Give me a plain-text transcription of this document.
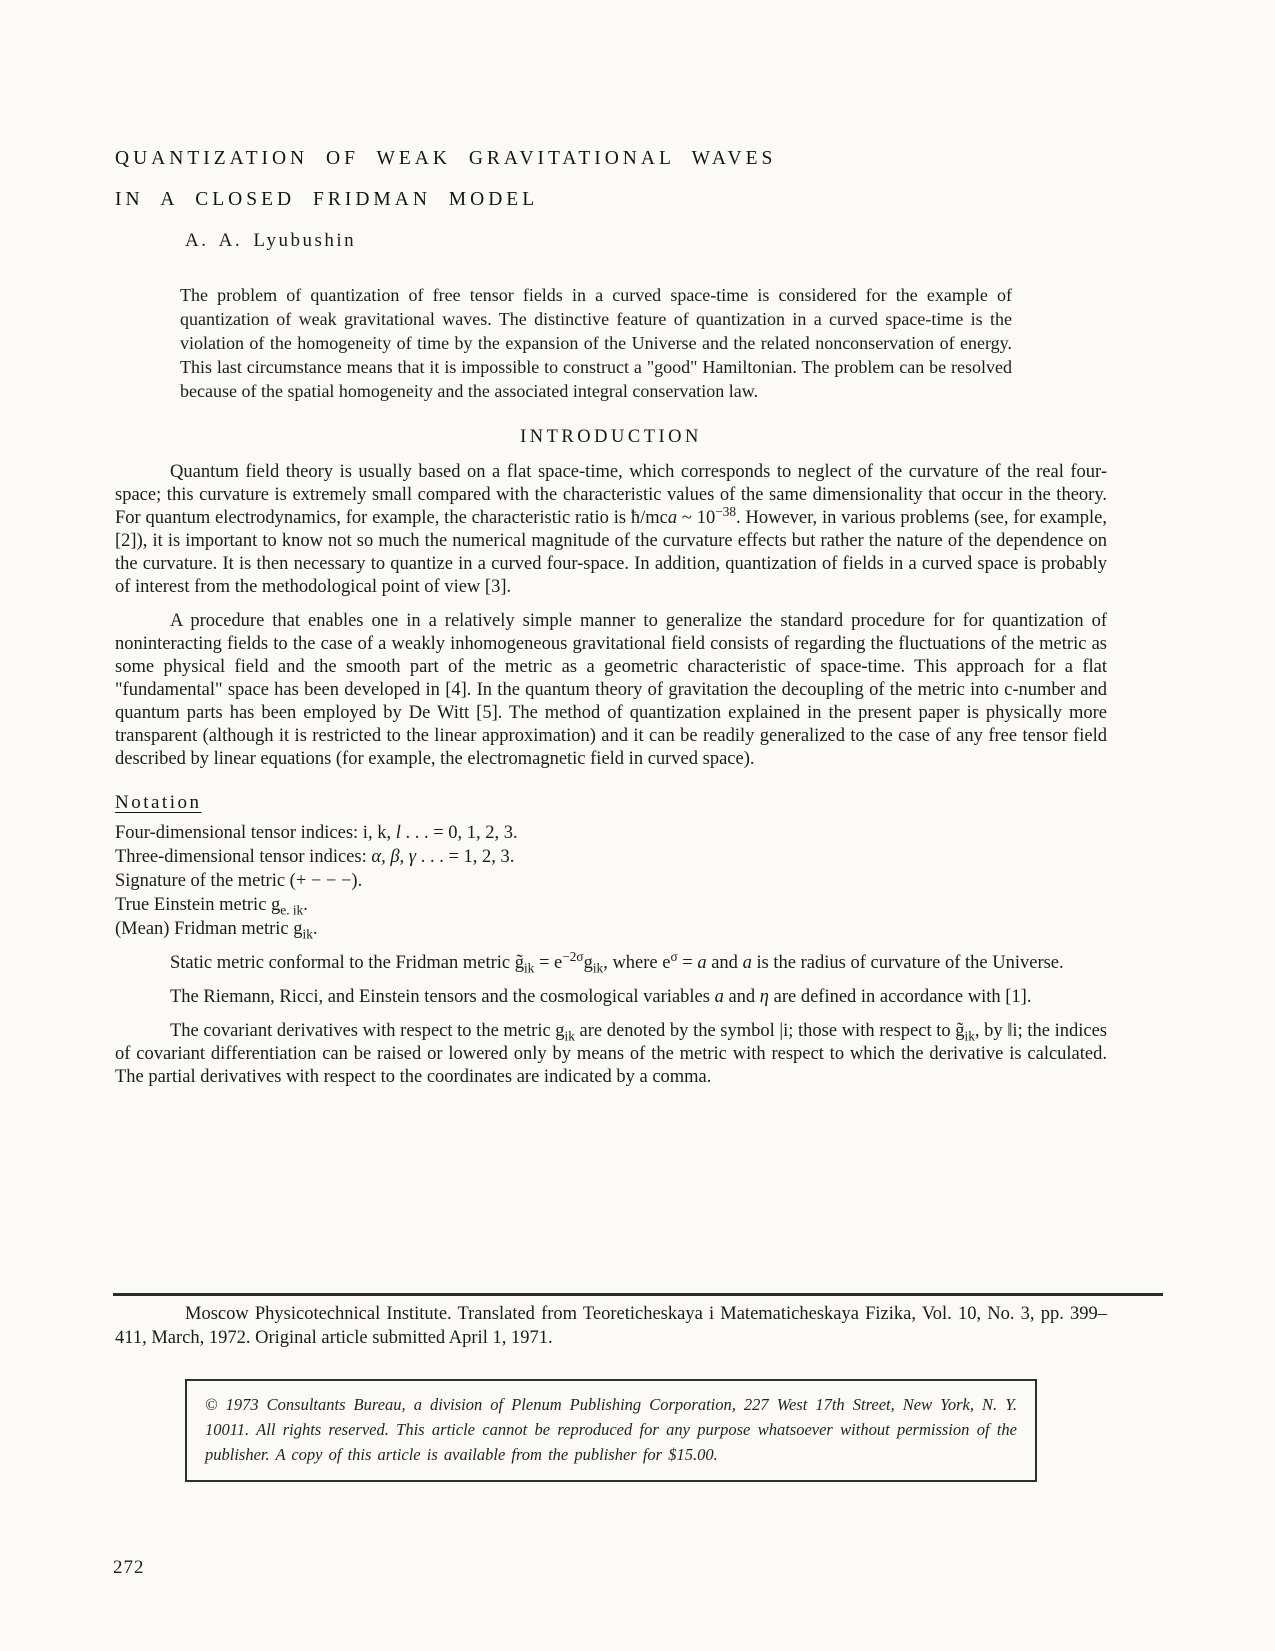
QUANTIZATION OF WEAK GRAVITATIONAL WAVES
IN A CLOSED FRIDMAN MODEL
A. A. Lyubushin

The problem of quantization of free tensor fields in a curved space-time is considered for the example of quantization of weak gravitational waves. The distinctive feature of quantization in a curved space-time is the violation of the homogeneity of time by the expansion of the Universe and the related nonconservation of energy. This last circumstance means that it is impossible to construct a "good" Hamiltonian. The problem can be resolved because of the spatial homogeneity and the associated integral conservation law.

INTRODUCTION

Quantum field theory is usually based on a flat space-time, which corresponds to neglect of the curvature of the real four-space; this curvature is extremely small compared with the characteristic values of the same dimensionality that occur in the theory. For quantum electrodynamics, for example, the characteristic ratio is ħ/mca ~ $10^{-38}$. However, in various problems (see, for example, [2]), it is important to know not so much the numerical magnitude of the curvature effects but rather the nature of the dependence on the curvature. It is then necessary to quantize in a curved four-space. In addition, quantization of fields in a curved space is probably of interest from the methodological point of view [3].

A procedure that enables one in a relatively simple manner to generalize the standard procedure for for quantization of noninteracting fields to the case of a weakly inhomogeneous gravitational field consists of regarding the fluctuations of the metric as some physical field and the smooth part of the metric as a geometric characteristic of space-time. This approach for a flat "fundamental" space has been developed in [4]. In the quantum theory of gravitation the decoupling of the metric into c-number and quantum parts has been employed by De Witt [5]. The method of quantization explained in the present paper is physically more transparent (although it is restricted to the linear approximation) and it can be readily generalized to the case of any free tensor field described by linear equations (for example, the electromagnetic field in curved space).

Notation

Four-dimensional tensor indices: i, k, l . . . = 0, 1, 2, 3.

Three-dimensional tensor indices: α, β, γ . . . = 1, 2, 3.

Signature of the metric (+ − − −).

True Einstein metric $g_{e. ik}$.

(Mean) Fridman metric $g_{ik}$.

Static metric conformal to the Fridman metric $g̃_{ik} = e^{-2\sigma}g_{ik}$, where $e^\sigma = a$ and a is the radius of curvature of the Universe.

The Riemann, Ricci, and Einstein tensors and the cosmological variables a and η are defined in accordance with [1].

The covariant derivatives with respect to the metric $g_{ik}$ are denoted by the symbol |i; those with respect to $g̃_{ik}$, by ‖i; the indices of covariant differentiation can be raised or lowered only by means of the metric with respect to which the derivative is calculated. The partial derivatives with respect to the coordinates are indicated by a comma.

Moscow Physicotechnical Institute. Translated from Teoreticheskaya i Matematicheskaya Fizika, Vol. 10, No. 3, pp. 399–411, March, 1972. Original article submitted April 1, 1971.

© 1973 Consultants Bureau, a division of Plenum Publishing Corporation, 227 West 17th Street, New York, N. Y. 10011. All rights reserved. This article cannot be reproduced for any purpose whatsoever without permission of the publisher. A copy of this article is available from the publisher for $15.00.

272
